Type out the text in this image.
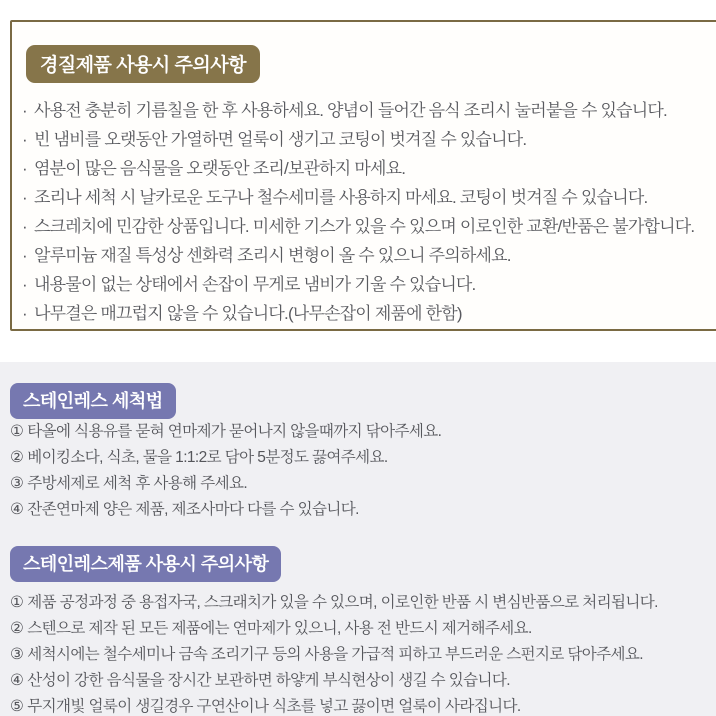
경질제품 사용시 주의사항
· 사용전 충분히 기름칠을 한 후 사용하세요. 양념이 들어간 음식 조리시 눌러붙을 수 있습니다.
· 빈 냄비를 오랫동안 가열하면 얼룩이 생기고 코팅이 벗겨질 수 있습니다.
· 염분이 많은 음식물을 오랫동안 조리/보관하지 마세요.
· 조리나 세척 시 날카로운 도구나 철수세미를 사용하지 마세요. 코팅이 벗겨질 수 있습니다.
· 스크레치에 민감한 상품입니다. 미세한 기스가 있을 수 있으며 이로인한 교환/반품은 불가합니다.
· 알루미늄 재질 특성상 센화력 조리시 변형이 올 수 있으니 주의하세요.
· 내용물이 없는 상태에서 손잡이 무게로 냄비가 기울 수 있습니다.
· 나무결은 매끄럽지 않을 수 있습니다.(나무손잡이 제품에 한함)
스테인레스 세척법
① 타올에 식용유를 묻혀 연마제가 묻어나지 않을때까지 닦아주세요.
② 베이킹소다, 식초, 물을 1:1:2로 담아 5분정도 끓여주세요.
③ 주방세제로 세척 후 사용해 주세요.
④ 잔존연마제 양은 제품, 제조사마다 다를 수 있습니다.
스테인레스제품 사용시 주의사항
① 제품 공정과정 중 용접자국, 스크래치가 있을 수 있으며, 이로인한 반품 시 변심반품으로 처리됩니다.
② 스텐으로 제작 된 모든 제품에는 연마제가 있으니, 사용 전 반드시 제거해주세요.
③ 세척시에는 철수세미나 금속 조리기구 등의 사용을 가급적 피하고 부드러운 스펀지로 닦아주세요.
④ 산성이 강한 음식물을 장시간 보관하면 하얗게 부식현상이 생길 수 있습니다.
⑤ 무지개빛 얼룩이 생길경우 구연산이나 식초를 넣고 끓이면 얼룩이 사라집니다.
